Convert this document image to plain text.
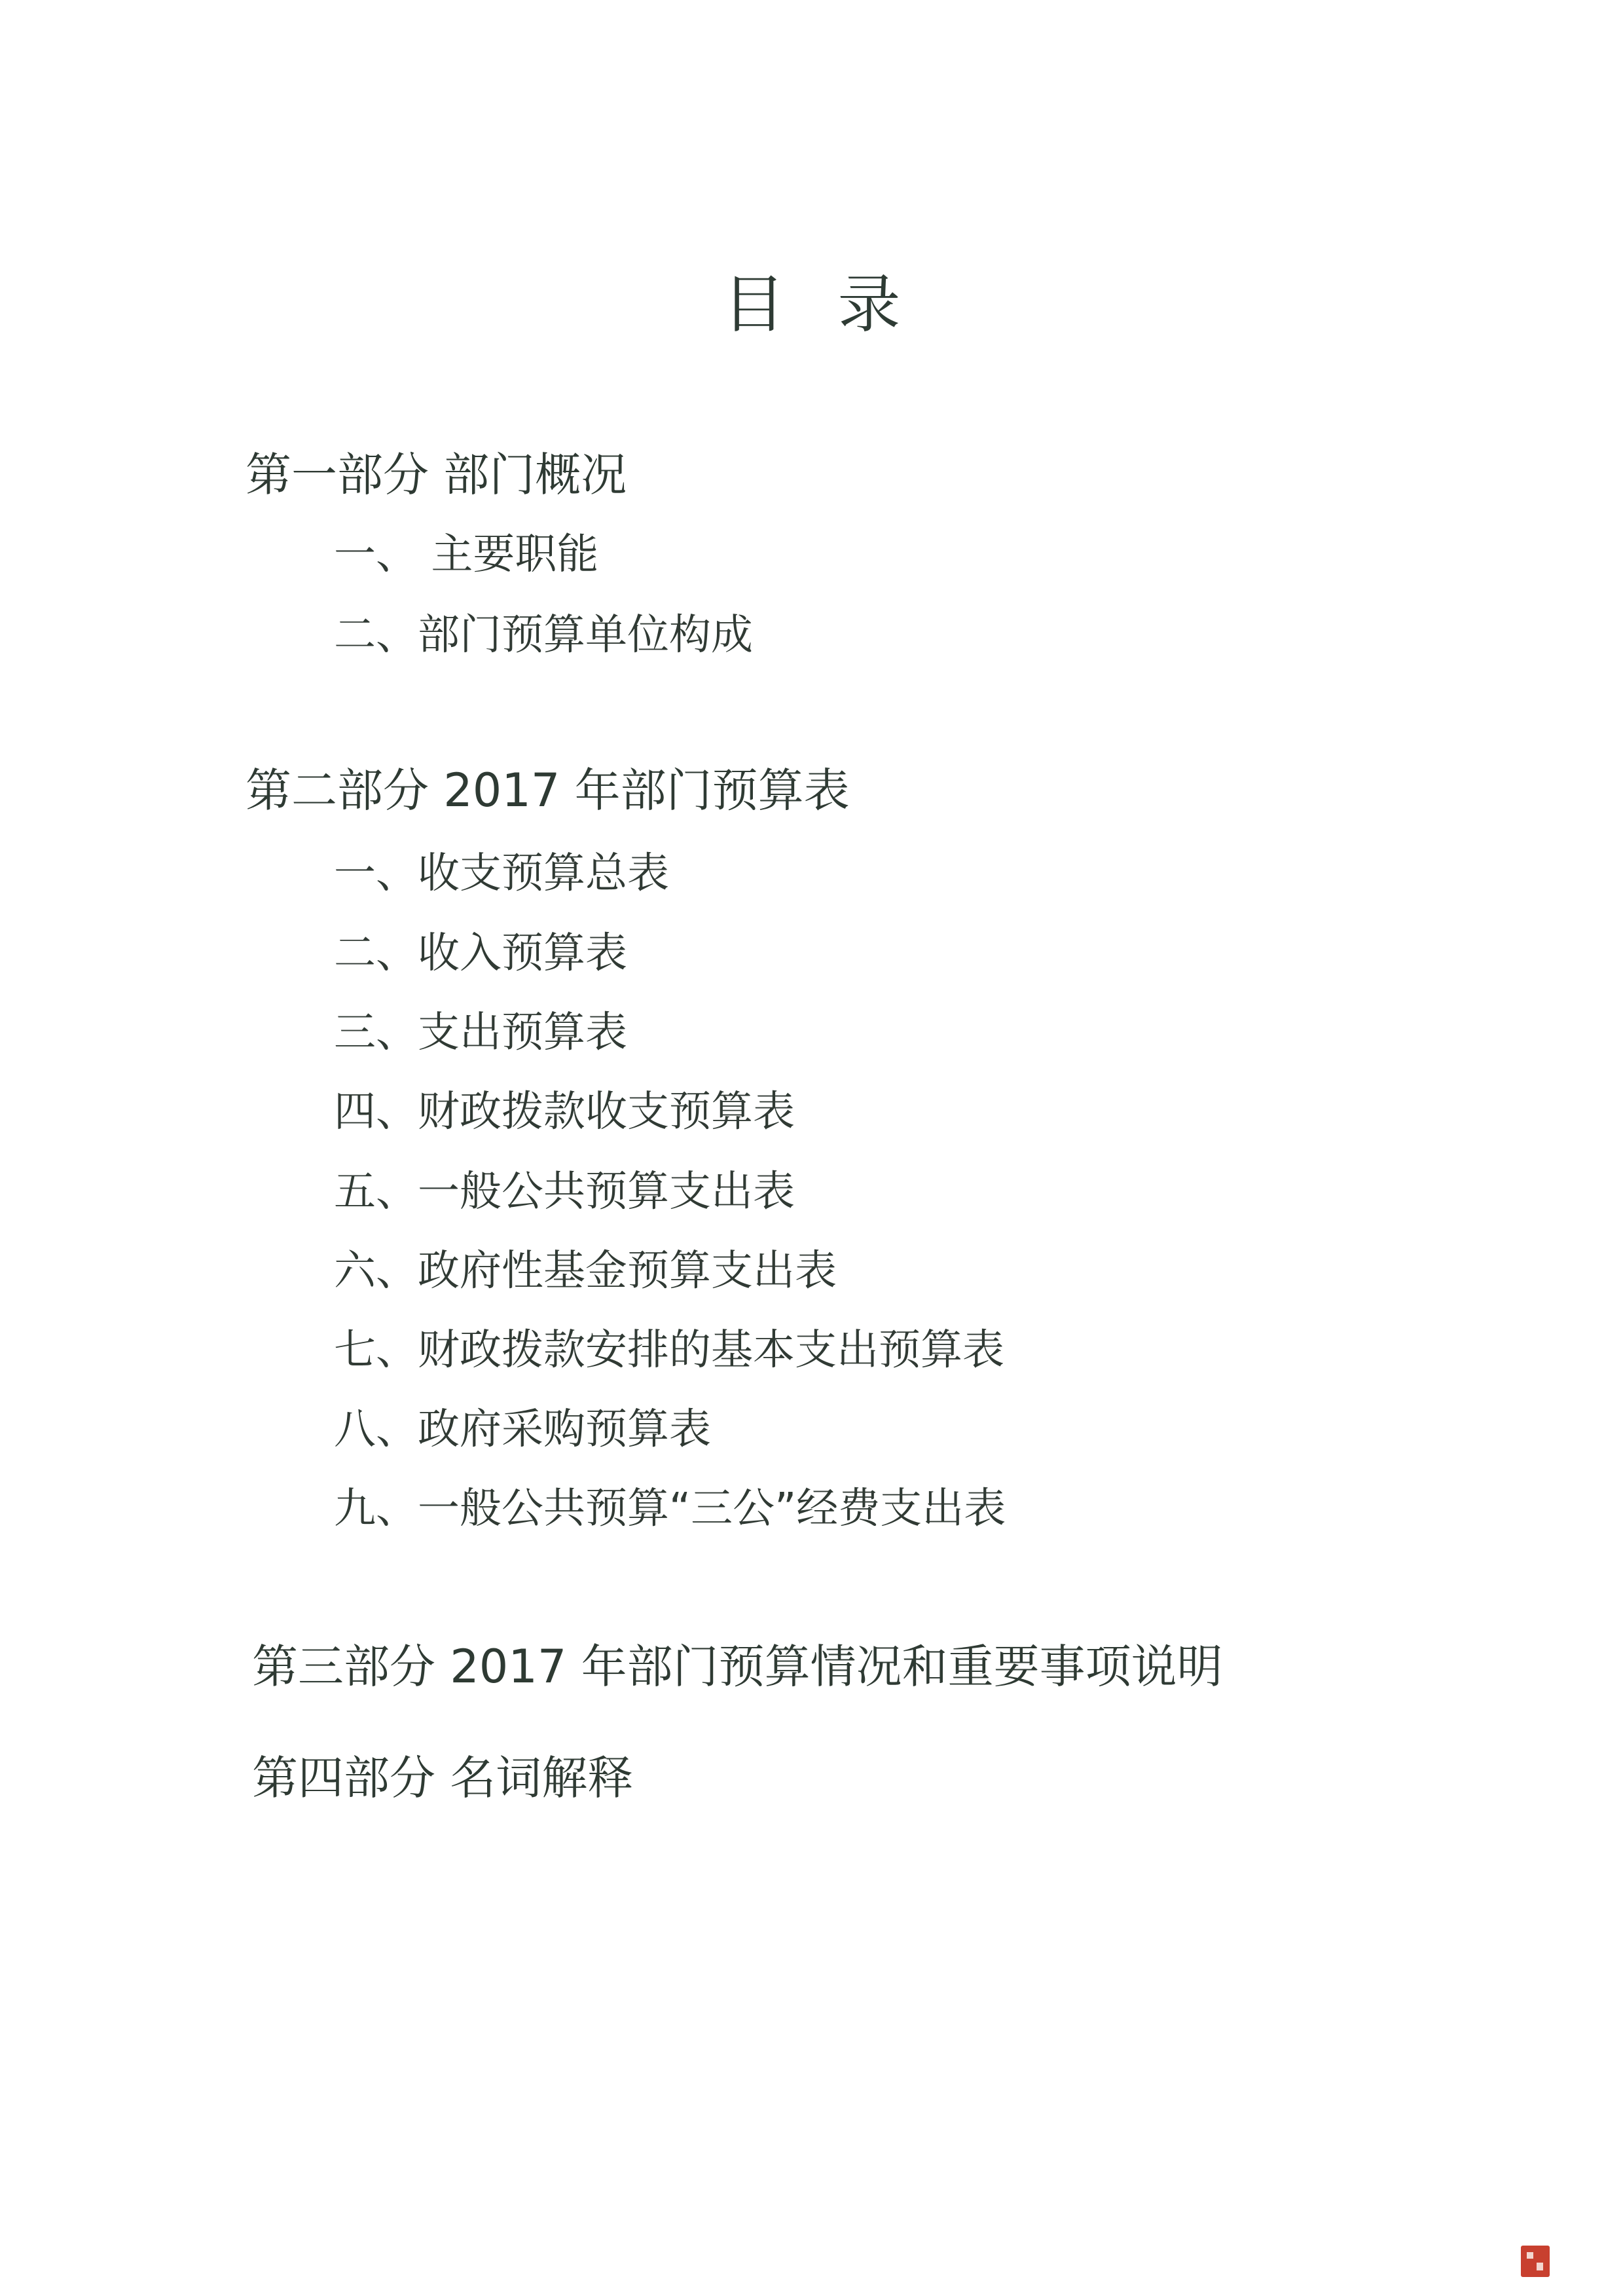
目录
第一部分 部门概况
一、 主要职能
二、部门预算单位构成
第二部分 2017 年部门预算表
一、收支预算总表
二、收入预算表
三、支出预算表
四、财政拨款收支预算表
五、一般公共预算支出表
六、政府性基金预算支出表
七、财政拨款安排的基本支出预算表
八、政府采购预算表
九、一般公共预算“三公”经费支出表
第三部分 2017 年部门预算情况和重要事项说明
第四部分 名词解释
